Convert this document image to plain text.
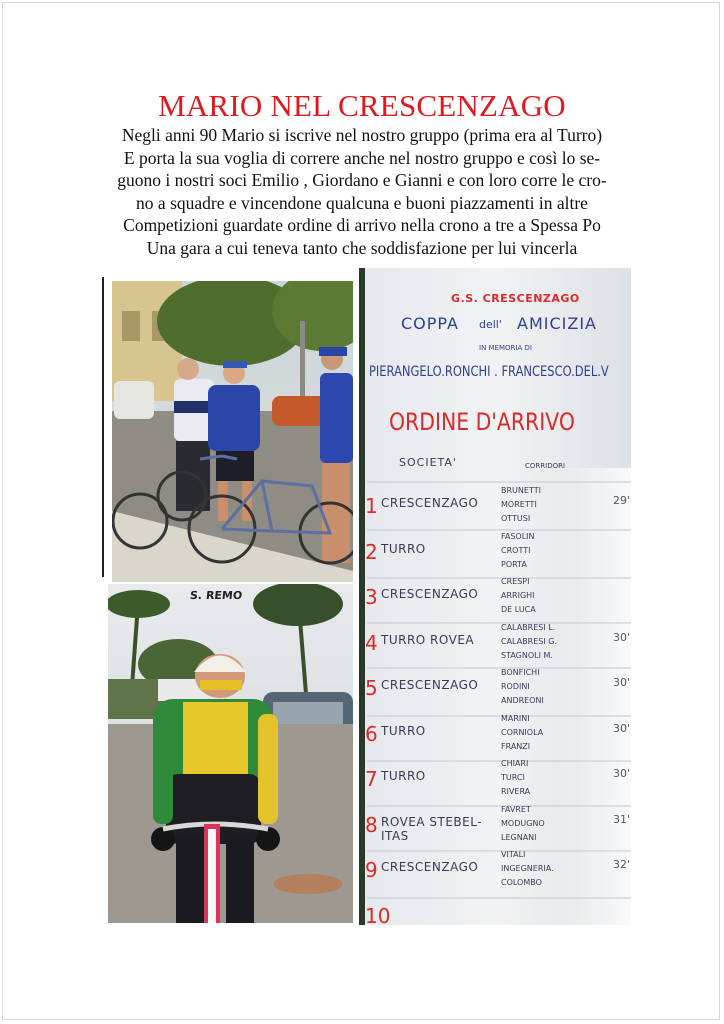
MARIO NEL CRESCENZAGO
Negli anni 90 Mario si iscrive nel nostro gruppo (prima era al Turro)
E porta la sua voglia di correre anche nel nostro gruppo e così lo se-
guono i nostri soci Emilio , Giordano e Gianni e con loro corre le cro-
no a squadre e vincendone qualcuna e buoni piazzamenti in altre
Competizioni guardate ordine di arrivo nella crono a tre a Spessa Po
Una gara a cui teneva tanto che soddisfazione per lui vincerla
S. REMO
G.S. CRESCENZAGO
COPPA dell' AMICIZIA
IN MEMORIA DI
PIERANGELO.RONCHI . FRANCESCO.DEL.V
ORDINE D'ARRIVO
SOCIETA'	CORRIDORI
1 CRESCENZAGO
BRUNETTI
MORETTI
OTTUSI
29'
2 TURRO
FASOLIN
CROTTI
PORTA
3 CRESCENZAGO
CRESPI
ARRIGHI
DE LUCA
4 TURRO ROVEA
CALABRESI L.
CALABRESI G.
STAGNOLI M.
30'
5 CRESCENZAGO
BONFICHI
RODINI
ANDREONI
30'
6 TURRO
MARINI
CORNIOLA
FRANZI
30'
7 TURRO
CHIARI
TURCI
RIVERA
30'
8 ROVEA STEBEL-ITAS
FAVRET
MODUGNO
LEGNANI
31'
9 CRESCENZAGO
VITALI
INGEGNERIA.
COLOMBO
32'
10
